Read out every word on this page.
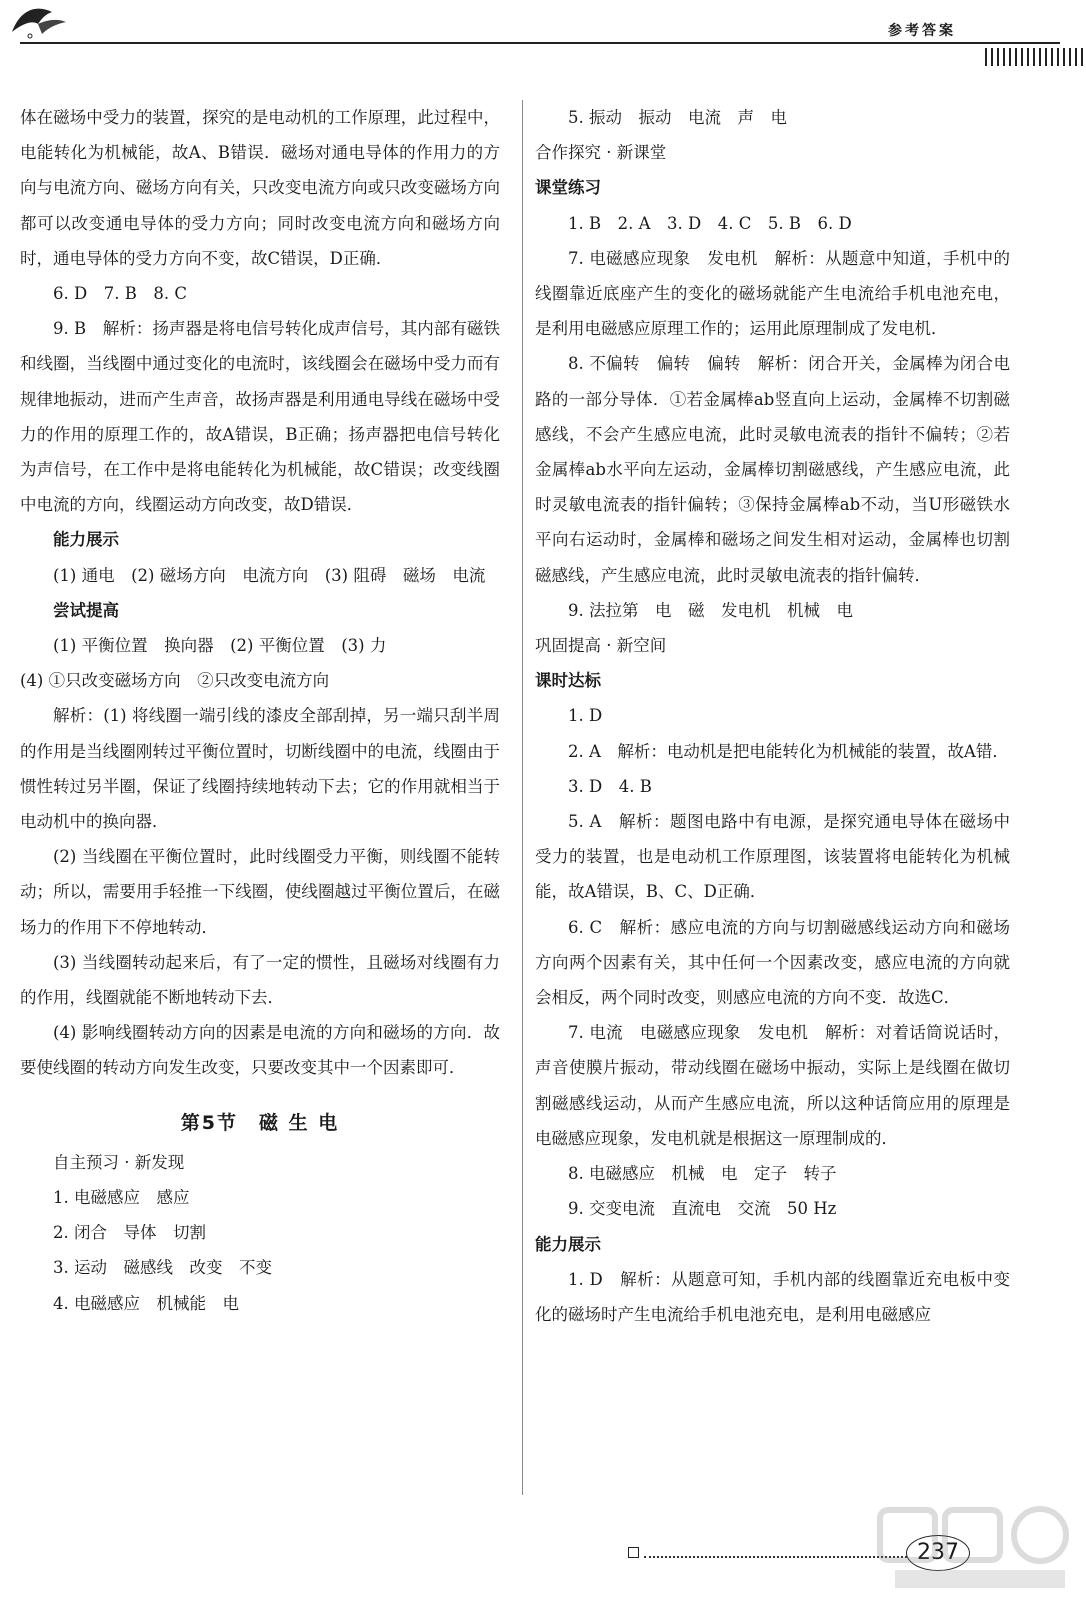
参考答案

体在磁场中受力的装置，探究的是电动机的工作原理，此过程中，电能转化为机械能，故A、B错误．磁场对通电导体的作用力的方向与电流方向、磁场方向有关，只改变电流方向或只改变磁场方向都可以改变通电导体的受力方向；同时改变电流方向和磁场方向时，通电导体的受力方向不变，故C错误，D正确．

6. D　7. B　8. C

9. B　解析：扬声器是将电信号转化成声信号，其内部有磁铁和线圈，当线圈中通过变化的电流时，该线圈会在磁场中受力而有规律地振动，进而产生声音，故扬声器是利用通电导线在磁场中受力的作用的原理工作的，故A错误，B正确；扬声器把电信号转化为声信号，在工作中是将电能转化为机械能，故C错误；改变线圈中电流的方向，线圈运动方向改变，故D错误．

能力展示

(1) 通电　(2) 磁场方向　电流方向　(3) 阻碍　磁场　电流

尝试提高

(1) 平衡位置　换向器　(2) 平衡位置　(3) 力

(4) ①只改变磁场方向　②只改变电流方向

解析：(1) 将线圈一端引线的漆皮全部刮掉，另一端只刮半周的作用是当线圈刚转过平衡位置时，切断线圈中的电流，线圈由于惯性转过另半圈，保证了线圈持续地转动下去；它的作用就相当于电动机中的换向器．

(2) 当线圈在平衡位置时，此时线圈受力平衡，则线圈不能转动；所以，需要用手轻推一下线圈，使线圈越过平衡位置后，在磁场力的作用下不停地转动．

(3) 当线圈转动起来后，有了一定的惯性，且磁场对线圈有力的作用，线圈就能不断地转动下去．

(4) 影响线圈转动方向的因素是电流的方向和磁场的方向．故要使线圈的转动方向发生改变，只要改变其中一个因素即可．

第5节　磁 生 电

自主预习 · 新发现

1. 电磁感应　感应

2. 闭合　导体　切割

3. 运动　磁感线　改变　不变

4. 电磁感应　机械能　电

5. 振动　振动　电流　声　电

合作探究 · 新课堂

课堂练习

1. B　2. A　3. D　4. C　5. B　6. D

7. 电磁感应现象　发电机　解析：从题意中知道，手机中的线圈靠近底座产生的变化的磁场就能产生电流给手机电池充电，是利用电磁感应原理工作的；运用此原理制成了发电机．

8. 不偏转　偏转　偏转　解析：闭合开关，金属棒为闭合电路的一部分导体．①若金属棒ab竖直向上运动，金属棒不切割磁感线，不会产生感应电流，此时灵敏电流表的指针不偏转；②若金属棒ab水平向左运动，金属棒切割磁感线，产生感应电流，此时灵敏电流表的指针偏转；③保持金属棒ab不动，当U形磁铁水平向右运动时，金属棒和磁场之间发生相对运动，金属棒也切割磁感线，产生感应电流，此时灵敏电流表的指针偏转．

9. 法拉第　电　磁　发电机　机械　电

巩固提高 · 新空间

课时达标

1. D

2. A　解析：电动机是把电能转化为机械能的装置，故A错．

3. D　4. B

5. A　解析：题图电路中有电源，是探究通电导体在磁场中受力的装置，也是电动机工作原理图，该装置将电能转化为机械能，故A错误，B、C、D正确．

6. C　解析：感应电流的方向与切割磁感线运动方向和磁场方向两个因素有关，其中任何一个因素改变，感应电流的方向就会相反，两个同时改变，则感应电流的方向不变．故选C．

7. 电流　电磁感应现象　发电机　解析：对着话筒说话时，声音使膜片振动，带动线圈在磁场中振动，实际上是线圈在做切割磁感线运动，从而产生感应电流，所以这种话筒应用的原理是电磁感应现象，发电机就是根据这一原理制成的．

8. 电磁感应　机械　电　定子　转子

9. 交变电流　直流电　交流　50 Hz

能力展示

1. D　解析：从题意可知，手机内部的线圈靠近充电板中变化的磁场时产生电流给手机电池充电，是利用电磁感应

237
